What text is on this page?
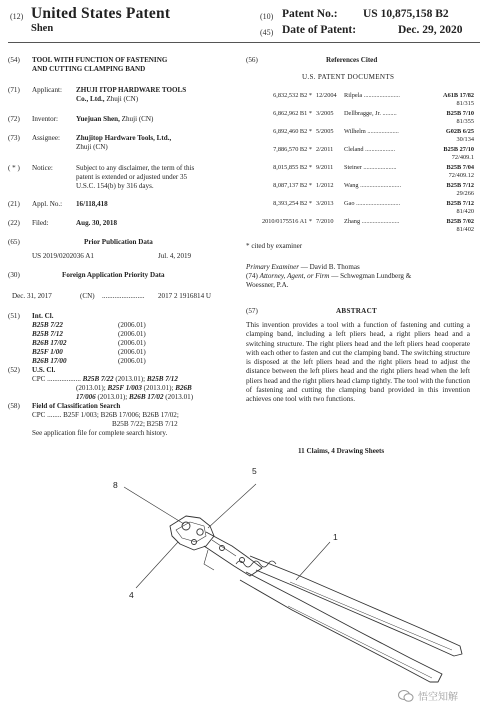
(12) United States Patent
Shen
(10) Patent No.: US 10,875,158 B2
(45) Date of Patent:	Dec. 29, 2020
(54) TOOL WITH FUNCTION OF FASTENING
AND CUTTING CLAMPING BAND
(71) Applicant: ZHUJI ITOP HARDWARE TOOLS
Co., Ltd., Zhuji (CN)
(72) Inventor:	Yuejuan Shen, Zhuji (CN)
(73) Assignee: Zhujitop Hardware Tools, Ltd.,
Zhuji (CN)
( * ) Notice:	Subject to any disclaimer, the term of this
patent is extended or adjusted under 35
U.S.C. 154(b) by 316 days.
(21) Appl. No.: 16/118,418
(22) Filed:	Aug. 30, 2018
(65)	Prior Publication Data
US 2019/0202036 A1	Jul. 4, 2019
(30)	Foreign Application Priority Data
Dec. 31, 2017	(CN) ........................ 2017 2 1916814 U
(51) Int. Cl.
B25B 7/22	(2006.01)
B25B 7/12	(2006.01)
B26B 17/02	(2006.01)
B25F 1/00	(2006.01)
B26B 17/00	(2006.01)
(52) U.S. Cl.
CPC ................... B25B 7/22 (2013.01); B25B 7/12
(2013.01); B25F 1/003 (2013.01); B26B
17/006 (2013.01); B26B 17/02 (2013.01)
(58) Field of Classification Search
CPC ........ B25F 1/003; B26B 17/006; B26B 17/02;
B25B 7/22; B25B 7/12
See application file for complete search history.
(56)	References Cited
U.S. PATENT DOCUMENTS
6,832,532 B2 * 12/2004 Rilpela .......................	A61B 17/82
81/315
6,862,962 B1 * 3/2005 Dellbragge, Jr. .........	B25B 7/10
81/355
6,892,460 B2 * 5/2005 Wilhelm ....................	G02B 6/25
30/134
7,886,570 B2 * 2/2011 Cleland ...................	B25B 27/10
72/409.1
8,015,855 B2 * 9/2011 Steiner .....................	B25B 7/04
72/409.12
8,087,137 B2 * 1/2012 Wang ..........................	B25B 7/12
29/266
8,393,254 B2 * 3/2013 Gao ............................	B25B 7/12
81/420
2010/0175516 A1 * 7/2010 Zhang ........................	B25B 7/02
81/402
* cited by examiner
Primary Examiner — David B. Thomas
(74) Attorney, Agent, or Firm — Schwegman Lundberg &
Woessner, P.A.
(57)	ABSTRACT
This invention provides a tool with a function of fastening and cutting a clamping band, including a left pliers head, a right pliers head and a switching structure. The right pliers head and the left pliers head cooperate with each other to fasten and cut the clamping band. The switching structure is disposed at the left pliers head and the right pliers head to adjust the distance between the left pliers head and the right pliers head when the left pliers head and the right pliers head clamp tightly. The tool with the function of fastening and cutting the clamping band provided in this invention achieves one tool with two functions.
11 Claims, 4 Drawing Sheets
5
8
1
4
悟空知解
